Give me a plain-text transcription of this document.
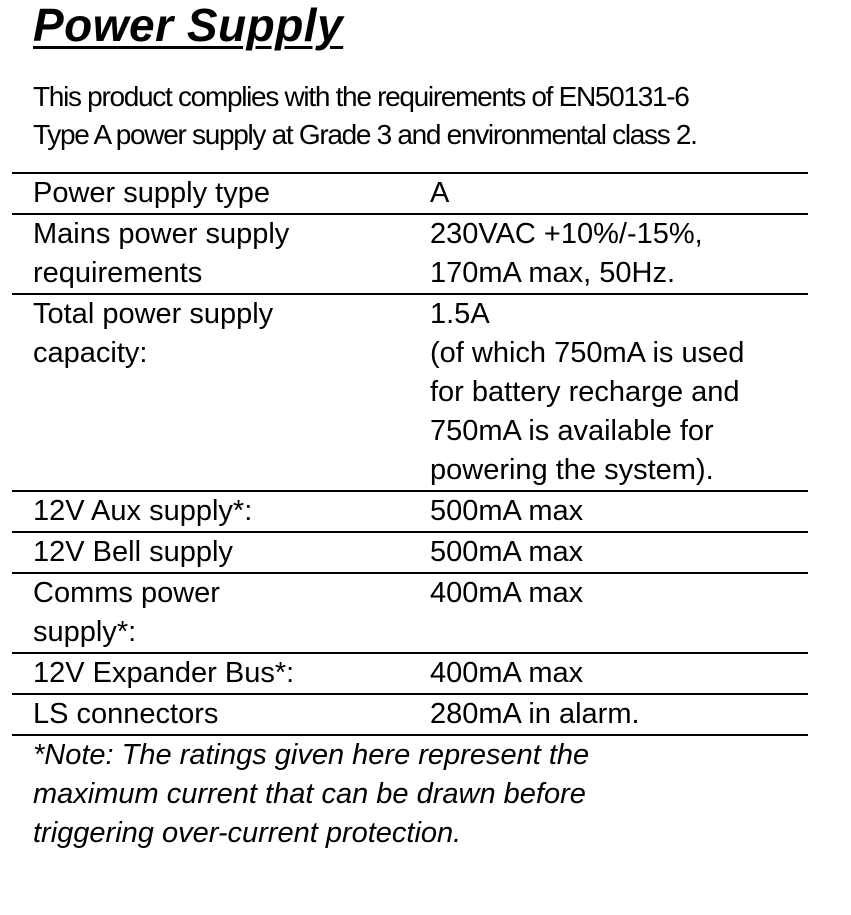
Power Supply

This product complies with the requirements of EN50131-6
Type A power supply at Grade 3 and environmental class 2.

Power supply type	A

Mains power supply
requirements	230VAC +10%/-15%,
170mA max, 50Hz.

Total power supply
capacity:	1.5A
(of which 750mA is used
for battery recharge and
750mA is available for
powering the system).

12V Aux supply*:	500mA max

12V Bell supply	500mA max

Comms power
supply*:	400mA max

12V Expander Bus*:	400mA max

LS connectors	280mA in alarm.

*Note: The ratings given here represent the
maximum current that can be drawn before
triggering over-current protection.
